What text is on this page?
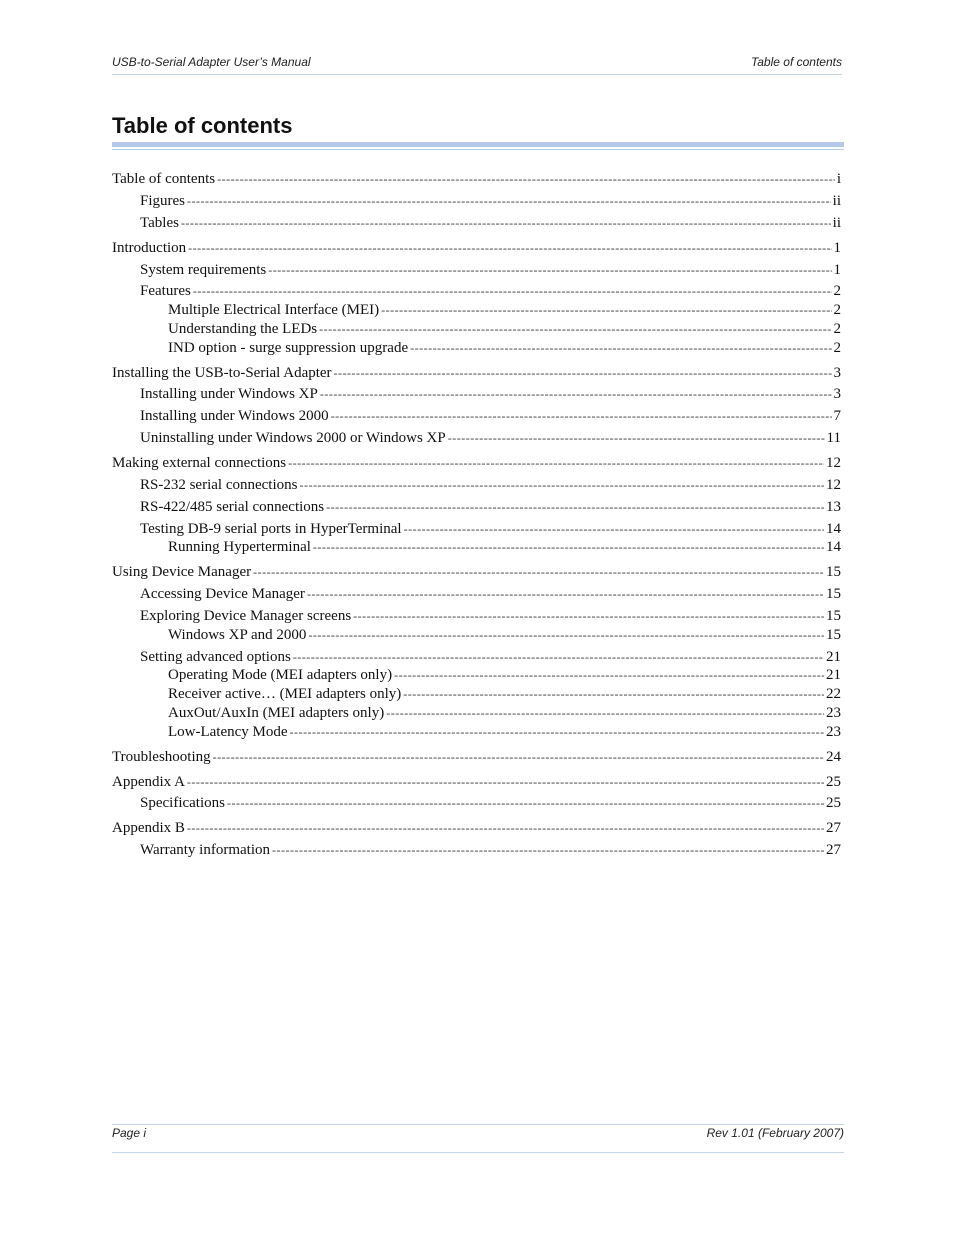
USB-to-Serial Adapter User’s Manual	Table of contents
Table of contents
Table of contents -----	i
Figures -----	ii
Tables -----	ii
Introduction -----	1
System requirements -----	1
Features -----	2
Multiple Electrical Interface (MEI) -----	2
Understanding the LEDs -----	2
IND option - surge suppression upgrade -----	2
Installing the USB-to-Serial Adapter -----	3
Installing under Windows XP -----	3
Installing under Windows 2000 -----	7
Uninstalling under Windows 2000 or Windows XP -----	11
Making external connections -----	12
RS-232 serial connections -----	12
RS-422/485 serial connections -----	13
Testing DB-9 serial ports in HyperTerminal -----	14
Running Hyperterminal -----	14
Using Device Manager -----	15
Accessing Device Manager -----	15
Exploring Device Manager screens -----	15
Windows XP and 2000 -----	15
Setting advanced options -----	21
Operating Mode (MEI adapters only) -----	21
Receiver active… (MEI adapters only) -----	22
AuxOut/AuxIn (MEI adapters only) -----	23
Low-Latency Mode -----	23
Troubleshooting -----	24
Appendix A -----	25
Specifications -----	25
Appendix B -----	27
Warranty information -----	27
Page i	Rev 1.01 (February 2007)
